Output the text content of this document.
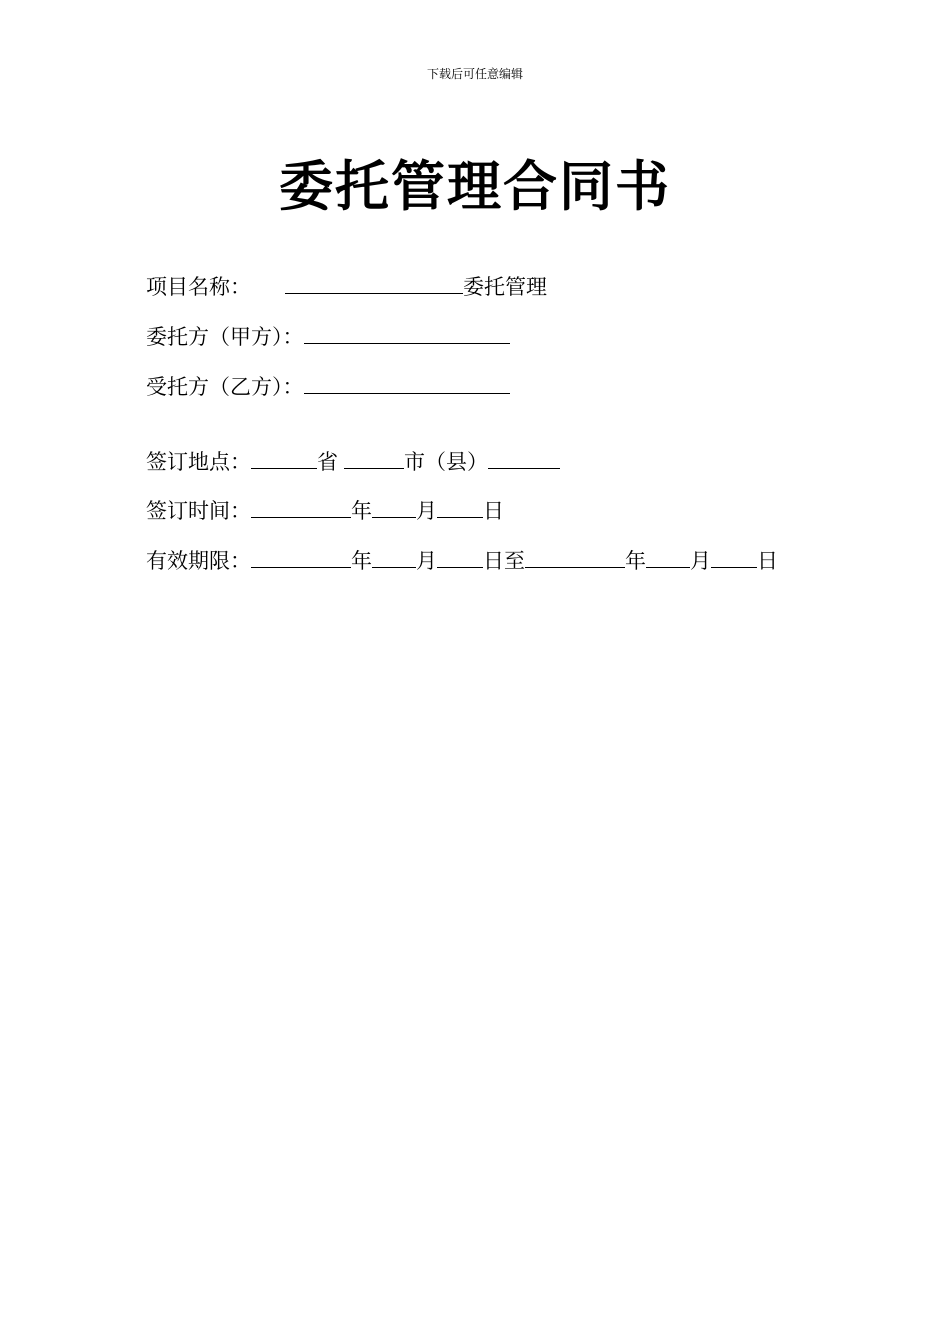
下载后可任意编辑
委托管理合同书
项目名称：	委托管理
委托方（甲方）：
受托方（乙方）：
签订地点：	省	市（县）
签订时间：	年 月 日
有效期限：	年 月 日至	年 月 日
